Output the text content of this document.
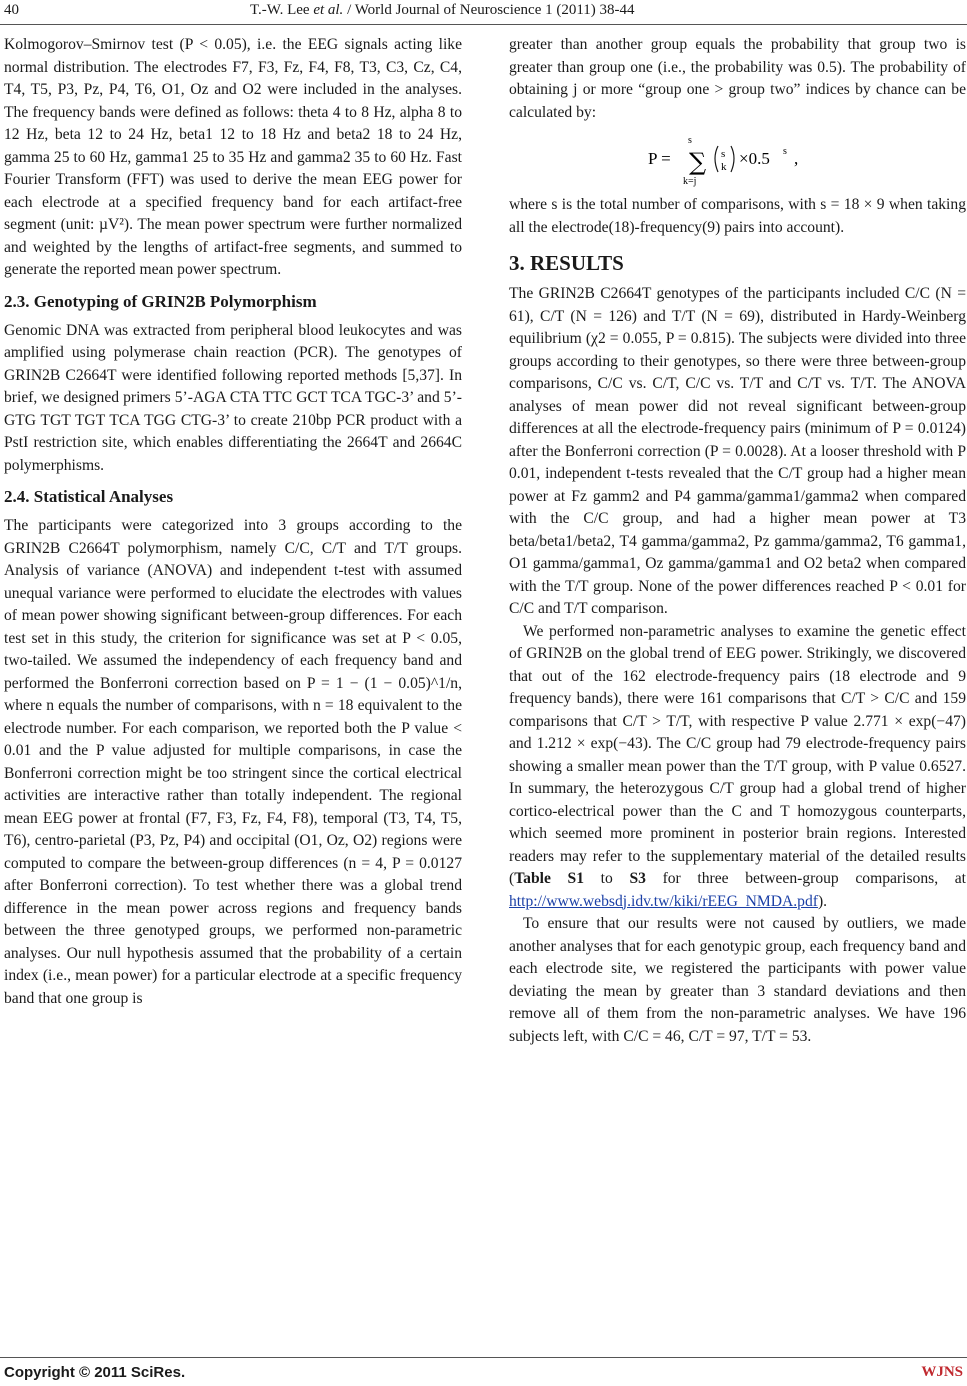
40	T.-W. Lee et al. / World Journal of Neuroscience 1 (2011) 38-44

Kolmogorov–Smirnov test (P < 0.05), i.e. the EEG signals acting like normal distribution. The electrodes F7, F3, Fz, F4, F8, T3, C3, Cz, C4, T4, T5, P3, Pz, P4, T6, O1, Oz and O2 were included in the analyses. The frequency bands were defined as follows: theta 4 to 8 Hz, alpha 8 to 12 Hz, beta 12 to 24 Hz, beta1 12 to 18 Hz and beta2 18 to 24 Hz, gamma 25 to 60 Hz, gamma1 25 to 35 Hz and gamma2 35 to 60 Hz. Fast Fourier Transform (FFT) was used to derive the mean EEG power for each electrode at a specified frequency band for each artifact-free segment (unit: µV²). The mean power spectrum were further normalized and weighted by the lengths of artifact-free segments, and summed to generate the reported mean power spectrum.

2.3. Genotyping of GRIN2B Polymorphism

Genomic DNA was extracted from peripheral blood leukocytes and was amplified using polymerase chain reaction (PCR). The genotypes of GRIN2B C2664T were identified following reported methods [5,37]. In brief, we designed primers 5’-AGA CTA TTC GCT TCA TGC-3’ and 5’-GTG TGT TGT TCA TGG CTG-3’ to create 210bp PCR product with a PstI restriction site, which enables differentiating the 2664T and 2664C polymerphisms.

2.4. Statistical Analyses

The participants were categorized into 3 groups according to the GRIN2B C2664T polymorphism, namely C/C, C/T and T/T groups. Analysis of variance (ANOVA) and independent t-test with assumed unequal variance were performed to elucidate the electrodes with values of mean power showing significant between-group differences. For each test set in this study, the criterion for significance was set at P < 0.05, two-tailed. We assumed the independency of each frequency band and performed the Bonferroni correction based on P = 1 − (1 − 0.05)^1/n, where n equals the number of comparisons, with n = 18 equivalent to the electrode number. For each comparison, we reported both the P value < 0.01 and the P value adjusted for multiple comparisons, in case the Bonferroni correction might be too stringent since the cortical electrical activities are interactive rather than totally independent. The regional mean EEG power at frontal (F7, F3, Fz, F4, F8), temporal (T3, T4, T5, T6), centro-parietal (P3, Pz, P4) and occipital (O1, Oz, O2) regions were computed to compare the between-group differences (n = 4, P = 0.0127 after Bonferroni correction). To test whether there was a global trend difference in the mean power across regions and frequency bands between the three genotyped groups, we performed non-parametric analyses. Our null hypothesis assumed that the probability of a certain index (i.e., mean power) for a particular electrode at a specific frequency band that one group is

greater than another group equals the probability that group two is greater than group one (i.e., the probability was 0.5). The probability of obtaining j or more “group one > group two” indices by chance can be calculated by:

P =
s
∑
k=j
s
k ×0.5 s ,

where s is the total number of comparisons, with s = 18 × 9 when taking all the electrode(18)-frequency(9) pairs into account).

3. RESULTS

The GRIN2B C2664T genotypes of the participants included C/C (N = 61), C/T (N = 126) and T/T (N = 69), distributed in Hardy-Weinberg equilibrium (χ2 = 0.055, P = 0.815). The subjects were divided into three groups according to their genotypes, so there were three between-group comparisons, C/C vs. C/T, C/C vs. T/T and C/T vs. T/T. The ANOVA analyses of mean power did not reveal significant between-group differences at all the electrode-frequency pairs (minimum of P = 0.0124) after the Bonferroni correction (P = 0.0028). At a looser threshold with P 0.01, independent t-tests revealed that the C/T group had a higher mean power at Fz gamm2 and P4 gamma/gamma1/gamma2 when compared with the C/C group, and had a higher mean power at T3 beta/beta1/beta2, T4 gamma/gamma2, Pz gamma/gamma2, T6 gamma1, O1 gamma/gamma1, Oz gamma/gamma1 and O2 beta2 when compared with the T/T group. None of the power differences reached P < 0.01 for C/C and T/T comparison.

We performed non-parametric analyses to examine the genetic effect of GRIN2B on the global trend of EEG power. Strikingly, we discovered that out of the 162 electrode-frequency pairs (18 electrode and 9 frequency bands), there were 161 comparisons that C/T > C/C and 159 comparisons that C/T > T/T, with respective P value 2.771 × exp(−47) and 1.212 × exp(−43). The C/C group had 79 electrode-frequency pairs showing a smaller mean power than the T/T group, with P value 0.6527. In summary, the heterozygous C/T group had a global trend of higher cortico-electrical power than the C and T homozygous counterparts, which seemed more prominent in posterior brain regions. Interested readers may refer to the supplementary material of the detailed results (Table S1 to S3 for three between-group comparisons, at http://www.websdj.idv.tw/kiki/rEEG_NMDA.pdf).

To ensure that our results were not caused by outliers, we made another analyses that for each genotypic group, each frequency band and each electrode site, we registered the participants with power value deviating the mean by greater than 3 standard deviations and then remove all of them from the non-parametric analyses. We have 196 subjects left, with C/C = 46, C/T = 97, T/T = 53.

Copyright © 2011 SciRes.	WJNS
